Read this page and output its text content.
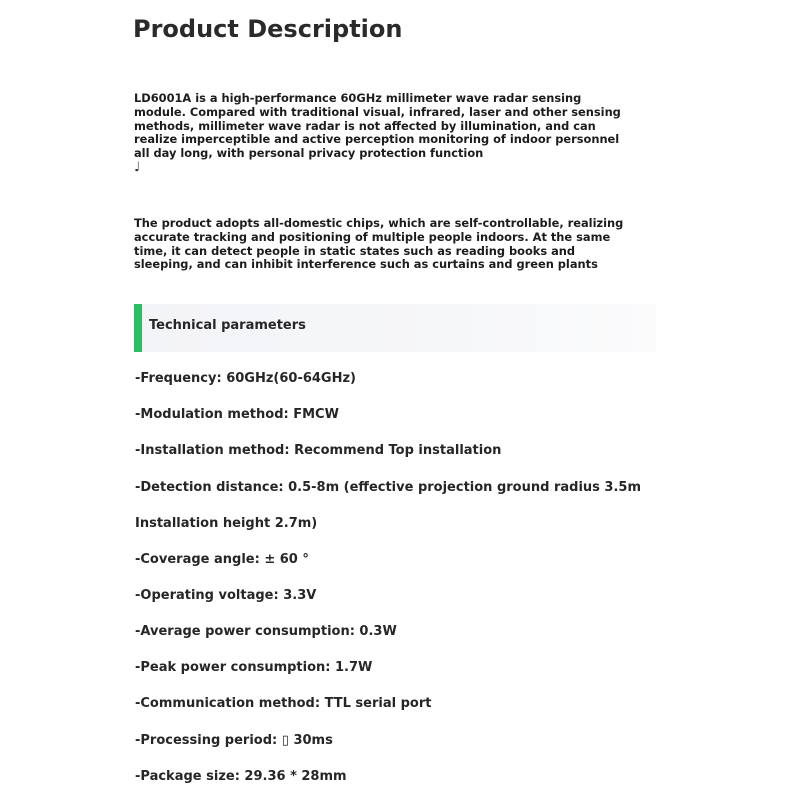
Product Description
LD6001A is a high-performance 60GHz millimeter wave radar sensing module. Compared with traditional visual, infrared, laser and other sensing methods, millimeter wave radar is not affected by illumination, and can realize imperceptible and active perception monitoring of indoor personnel all day long, with personal privacy protection function
♩
The product adopts all-domestic chips, which are self-controllable, realizing accurate tracking and positioning of multiple people indoors. At the same time, it can detect people in static states such as reading books and sleeping, and can inhibit interference such as curtains and green plants
Technical parameters
-Frequency: 60GHz(60-64GHz)
-Modulation method: FMCW
-Installation method: Recommend Top installation
-Detection distance: 0.5-8m (effective projection ground radius 3.5m
Installation height 2.7m)
-Coverage angle: ± 60 °
-Operating voltage: 3.3V
-Average power consumption: 0.3W
-Peak power consumption: 1.7W
-Communication method: TTL serial port
-Processing period: ▯ 30ms
-Package size: 29.36 * 28mm
